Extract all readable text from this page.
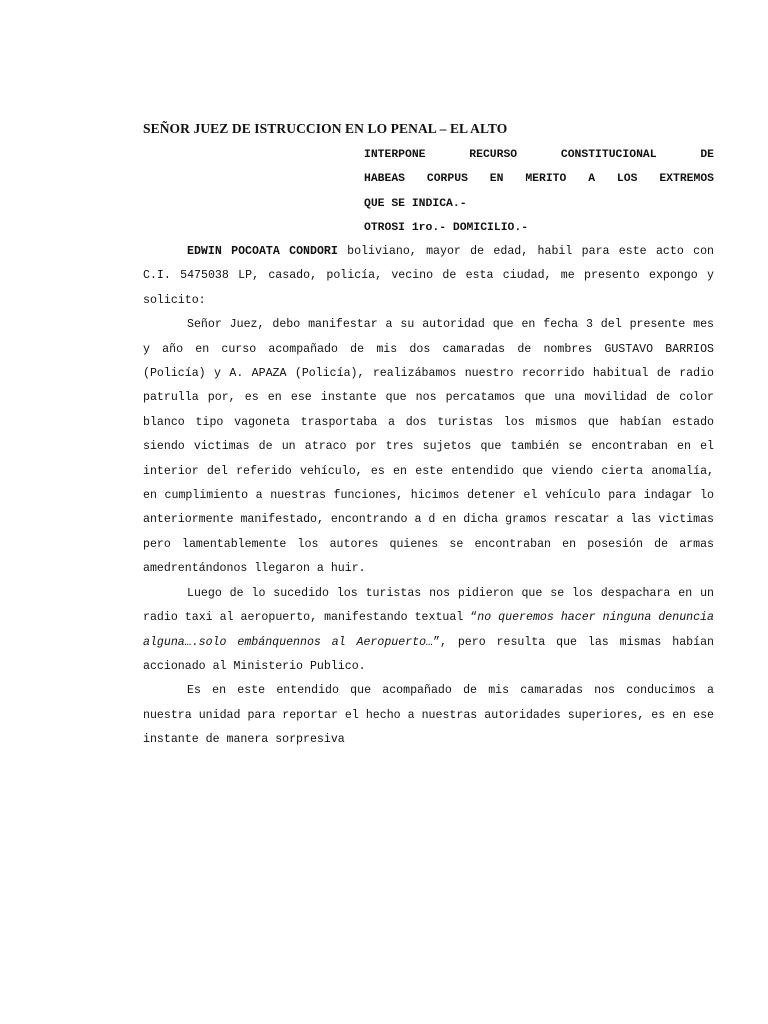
SEÑOR JUEZ DE ISTRUCCION EN LO PENAL – EL ALTO
INTERPONE RECURSO CONSTITUCIONAL DE
HABEAS CORPUS EN MERITO A LOS EXTREMOS
QUE SE INDICA.-
OTROSI 1ro.- DOMICILIO.-

EDWIN POCOATA CONDORI boliviano, mayor de edad, habil para este acto con C.I. 5475038 LP, casado, policía, vecino de esta ciudad, me presento expongo y solicito:

Señor Juez, debo manifestar a su autoridad que en fecha 3 del presente mes y año en curso acompañado de mis dos camaradas de nombres GUSTAVO BARRIOS (Policía) y A. APAZA (Policía), realizábamos nuestro recorrido habitual de radio patrulla por, es en ese instante que nos percatamos que una movilidad de color blanco tipo vagoneta trasportaba a dos turistas los mismos que habían estado siendo victimas de un atraco por tres sujetos que también se encontraban en el interior del referido vehículo, es en este entendido que viendo cierta anomalía, en cumplimiento a nuestras funciones, hicimos detener el vehículo para indagar lo anteriormente manifestado, encontrando a d en dicha gramos rescatar a las victimas pero lamentablemente los autores quienes se encontraban en posesión de armas amedrentándonos llegaron a huir.

Luego de lo sucedido los turistas nos pidieron que se los despachara en un radio taxi al aeropuerto, manifestando textual “no queremos hacer ninguna denuncia alguna….solo embánquennos al Aeropuerto…”, pero resulta que las mismas habían accionado al Ministerio Publico.

Es en este entendido que acompañado de mis camaradas nos conducimos a nuestra unidad para reportar el hecho a nuestras autoridades superiores, es en ese instante de manera sorpresiva
